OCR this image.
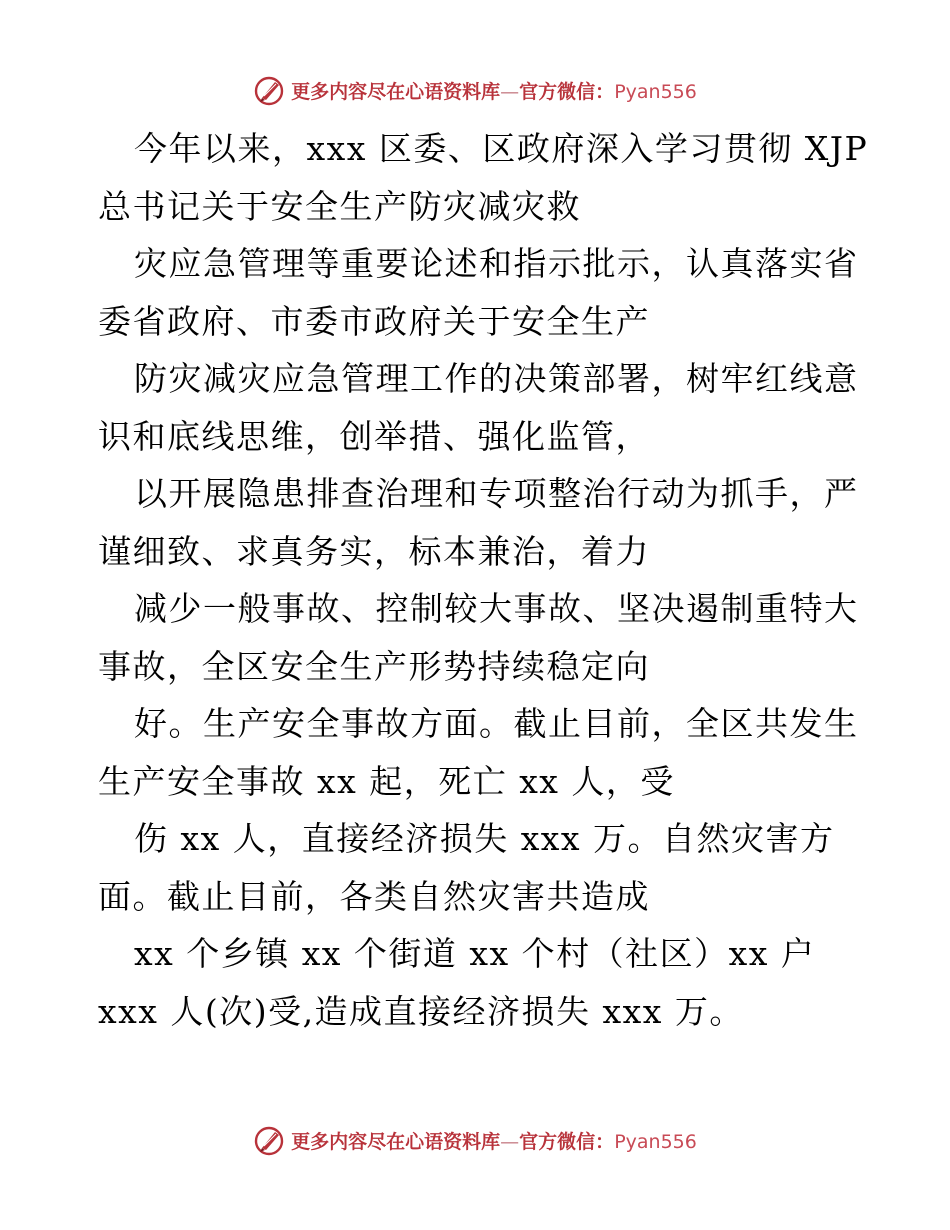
更多内容尽在心语资料库—官方微信：Pyan556
今年以来，xxx 区委、区政府深入学习贯彻 XJP
总书记关于安全生产防灾减灾救
灾应急管理等重要论述和指示批示，认真落实省
委省政府、市委市政府关于安全生产
防灾减灾应急管理工作的决策部署，树牢红线意
识和底线思维，创举措、强化监管，
以开展隐患排查治理和专项整治行动为抓手，严
谨细致、求真务实，标本兼治，着力
减少一般事故、控制较大事故、坚决遏制重特大
事故，全区安全生产形势持续稳定向
好。生产安全事故方面。截止目前，全区共发生
生产安全事故 xx 起，死亡 xx 人，受
伤 xx 人，直接经济损失 xxx 万。自然灾害方
面。截止目前，各类自然灾害共造成
xx 个乡镇 xx 个街道 xx 个村（社区）xx 户
xxx 人(次)受,造成直接经济损失 xxx 万。
更多内容尽在心语资料库—官方微信：Pyan556
